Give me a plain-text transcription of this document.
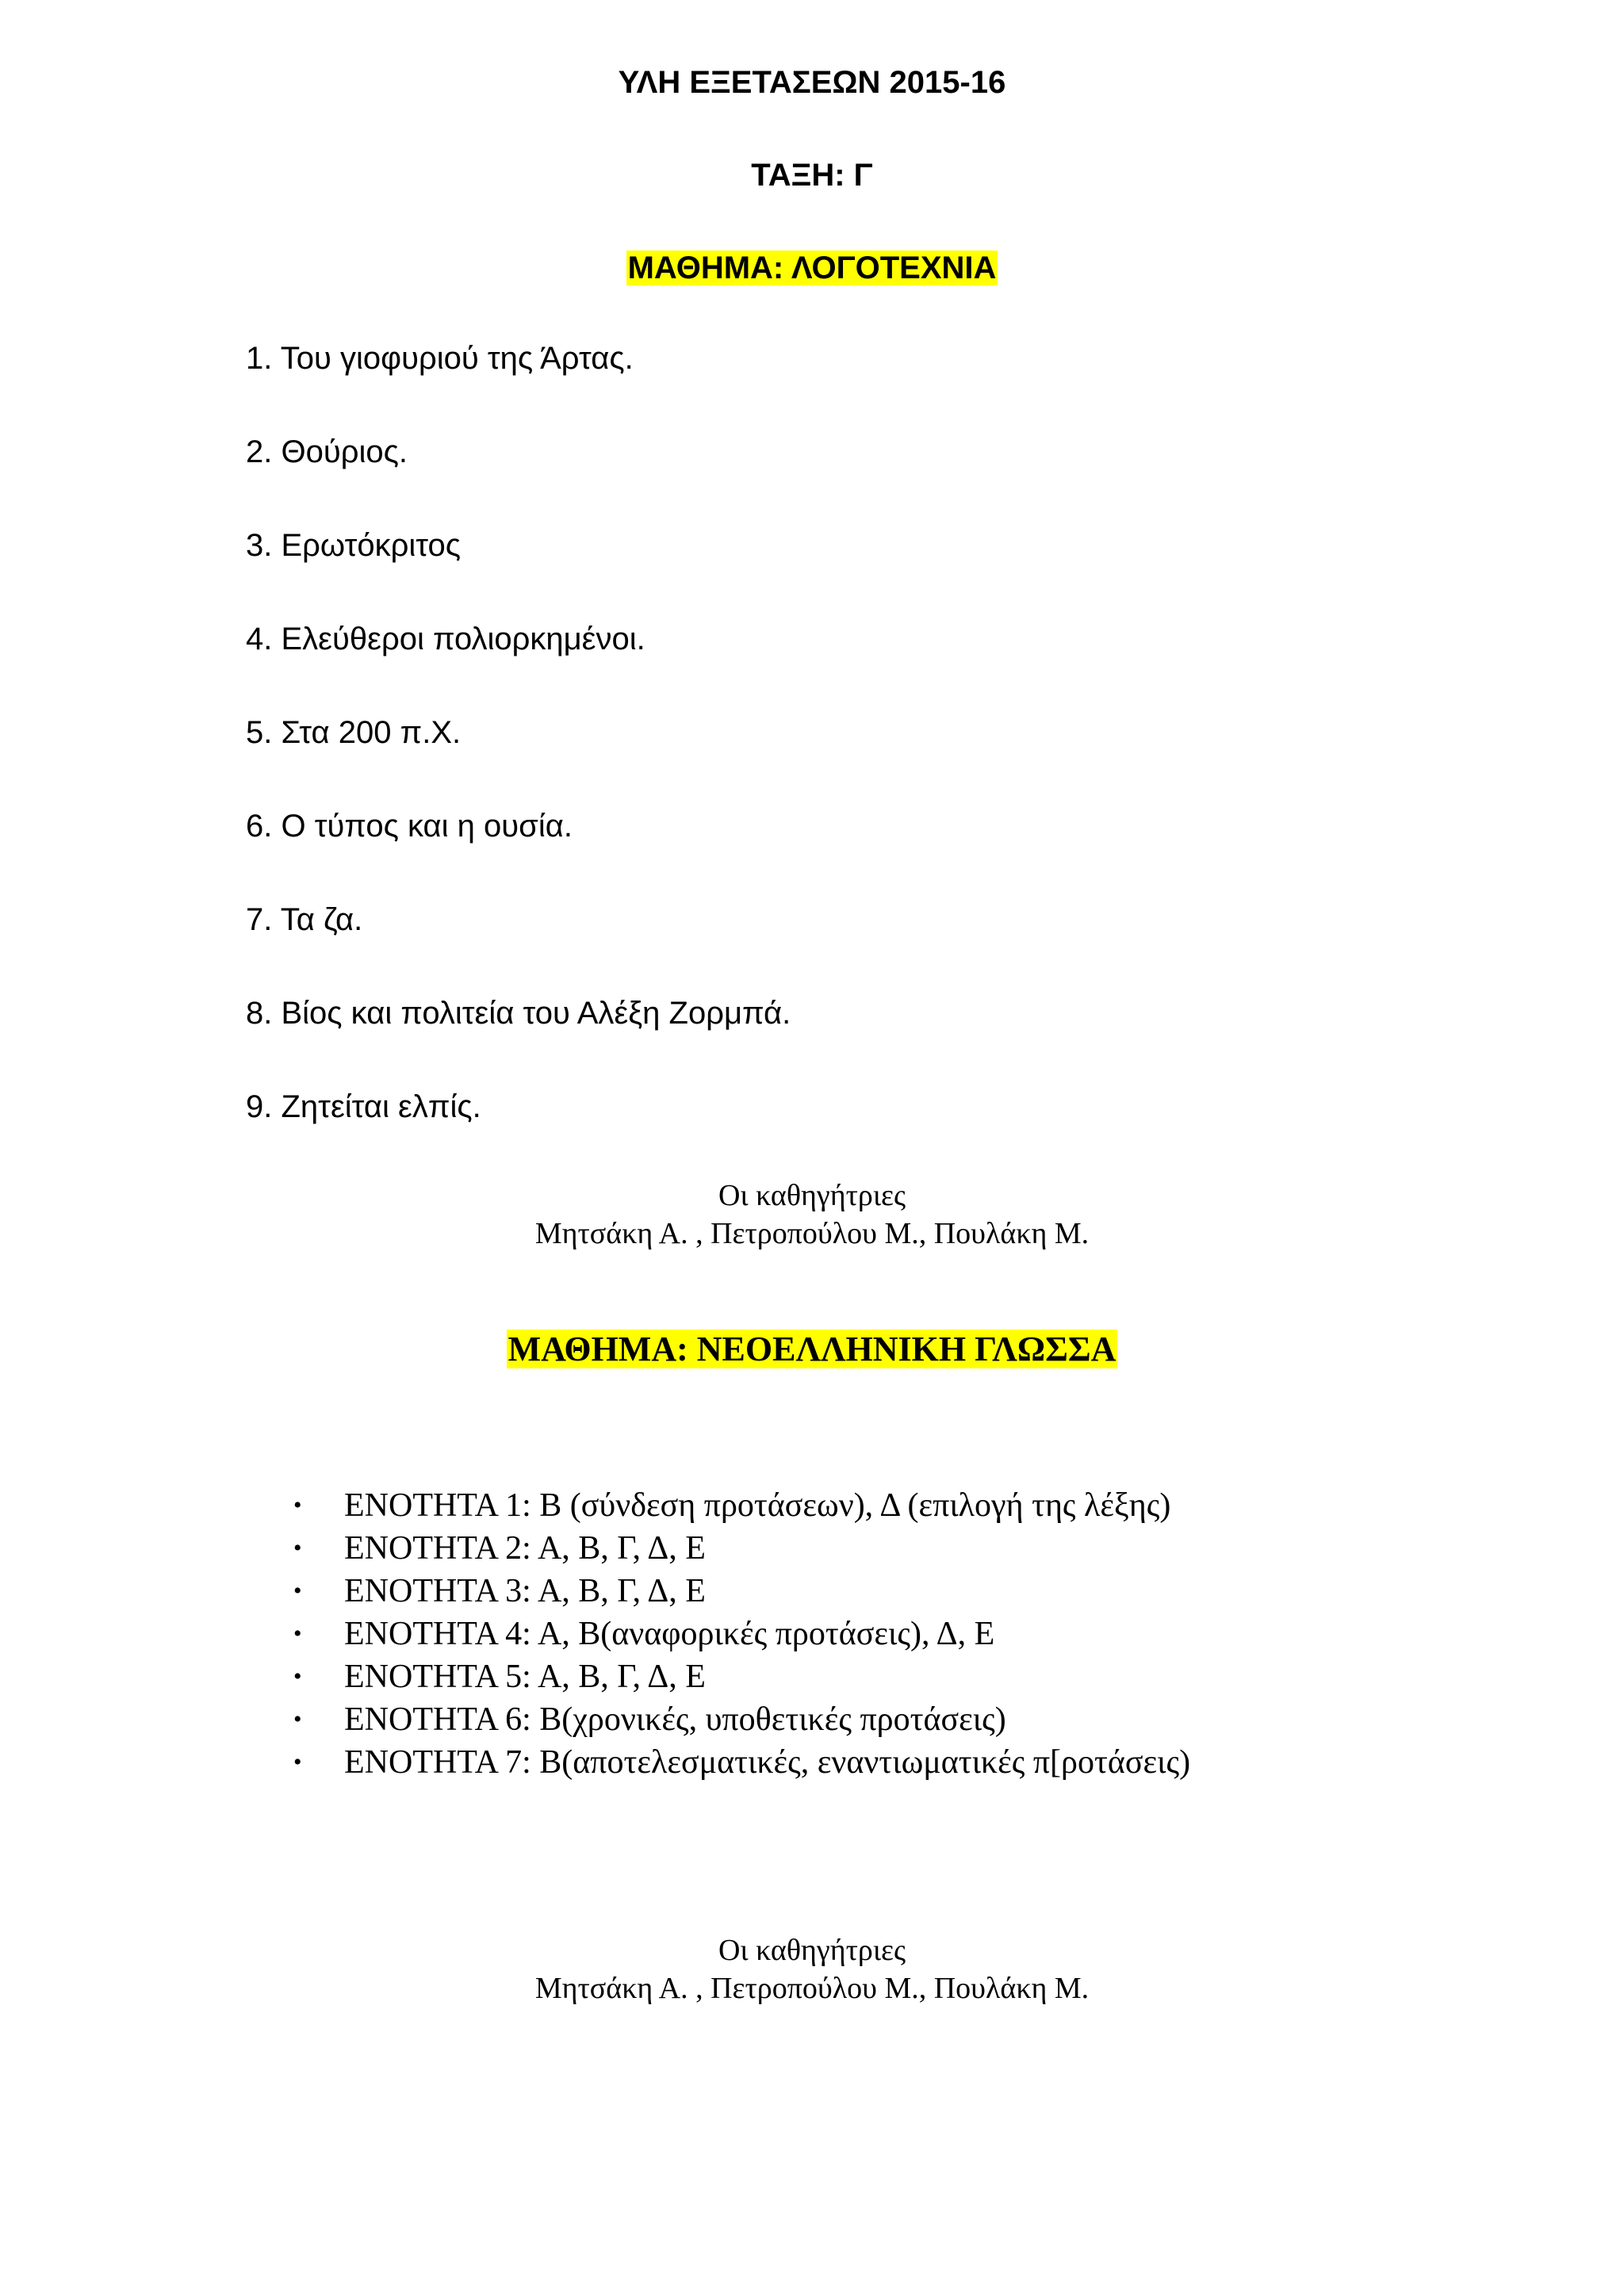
ΥΛΗ ΕΞΕΤΑΣΕΩΝ 2015-16
ΤΑΞΗ: Γ
ΜΑΘΗΜΑ: ΛΟΓΟΤΕΧΝΙΑ
1. Του γιοφυριού της Άρτας.
2. Θούριος.
3. Ερωτόκριτος
4. Ελεύθεροι πολιορκημένοι.
5. Στα 200 π.Χ.
6. Ο τύπος και η ουσία.
7. Τα ζα.
8. Βίος και πολιτεία του Αλέξη Ζορμπά.
9. Ζητείται ελπίς.
Οι καθηγήτριες
Μητσάκη Α. , Πετροπούλου Μ., Πουλάκη Μ.
ΜΑΘΗΜΑ: ΝΕΟΕΛΛΗΝΙΚΗ ΓΛΩΣΣΑ
• ΕΝΟΤΗΤΑ 1: Β (σύνδεση προτάσεων), Δ (επιλογή της λέξης)
• ΕΝΟΤΗΤΑ 2: Α, Β, Γ, Δ, Ε
• ΕΝΟΤΗΤΑ 3: Α, Β, Γ, Δ, Ε
• ΕΝΟΤΗΤΑ 4: Α, Β(αναφορικές προτάσεις), Δ, Ε
• ΕΝΟΤΗΤΑ 5: Α, Β, Γ, Δ, Ε
• ΕΝΟΤΗΤΑ 6: Β(χρονικές, υποθετικές προτάσεις)
• ΕΝΟΤΗΤΑ 7: Β(αποτελεσματικές, εναντιωματικές π[ροτάσεις)
Οι καθηγήτριες
Μητσάκη Α. , Πετροπούλου Μ., Πουλάκη Μ.
